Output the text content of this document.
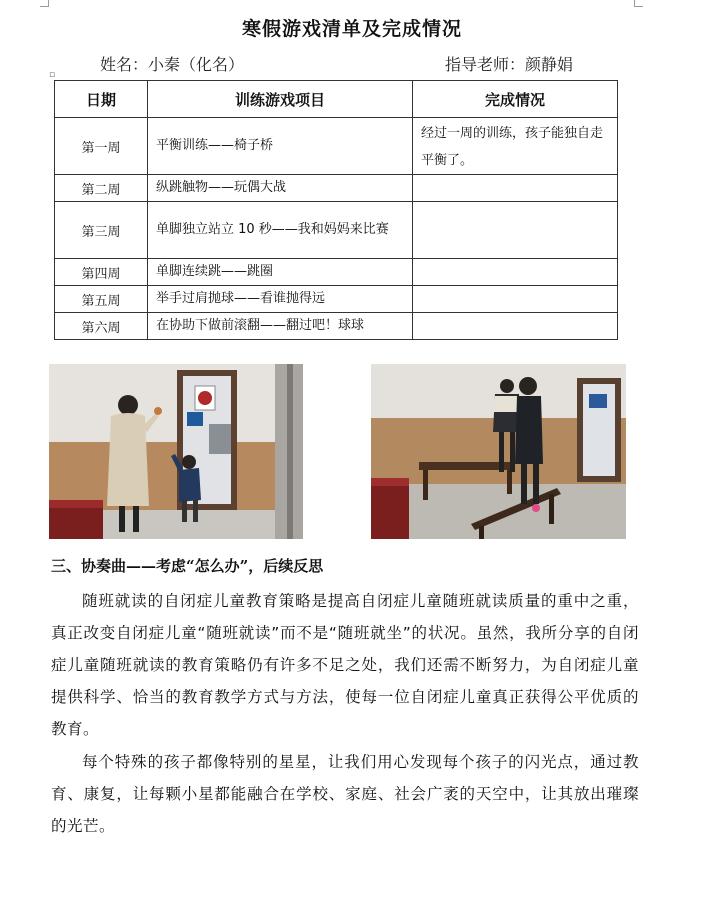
寒假游戏清单及完成情况
姓名：小秦（化名）	指导老师：颜静娟
▫
日期	训练游戏项目	完成情况
第一周	平衡训练——椅子桥	经过一周的训练，孩子能独自走平衡了。
第二周	纵跳触物——玩偶大战	
第三周	单脚独立站立 10 秒——我和妈妈来比赛	
第四周	单脚连续跳——跳圈	
第五周	举手过肩抛球——看谁抛得远	
第六周	在协助下做前滚翻——翻过吧！球球	
三、协奏曲——考虑“怎么办”，后续反思

随班就读的自闭症儿童教育策略是提高自闭症儿童随班就读质量的重中之重，真正改变自闭症儿童“随班就读”而不是“随班就坐”的状况。虽然，我所分享的自闭症儿童随班就读的教育策略仍有许多不足之处，我们还需不断努力，为自闭症儿童提供科学、恰当的教育教学方式与方法，使每一位自闭症儿童真正获得公平优质的教育。

每个特殊的孩子都像特别的星星，让我们用心发现每个孩子的闪光点，通过教育、康复，让每颗小星都能融合在学校、家庭、社会广袤的天空中，让其放出璀璨的光芒。
